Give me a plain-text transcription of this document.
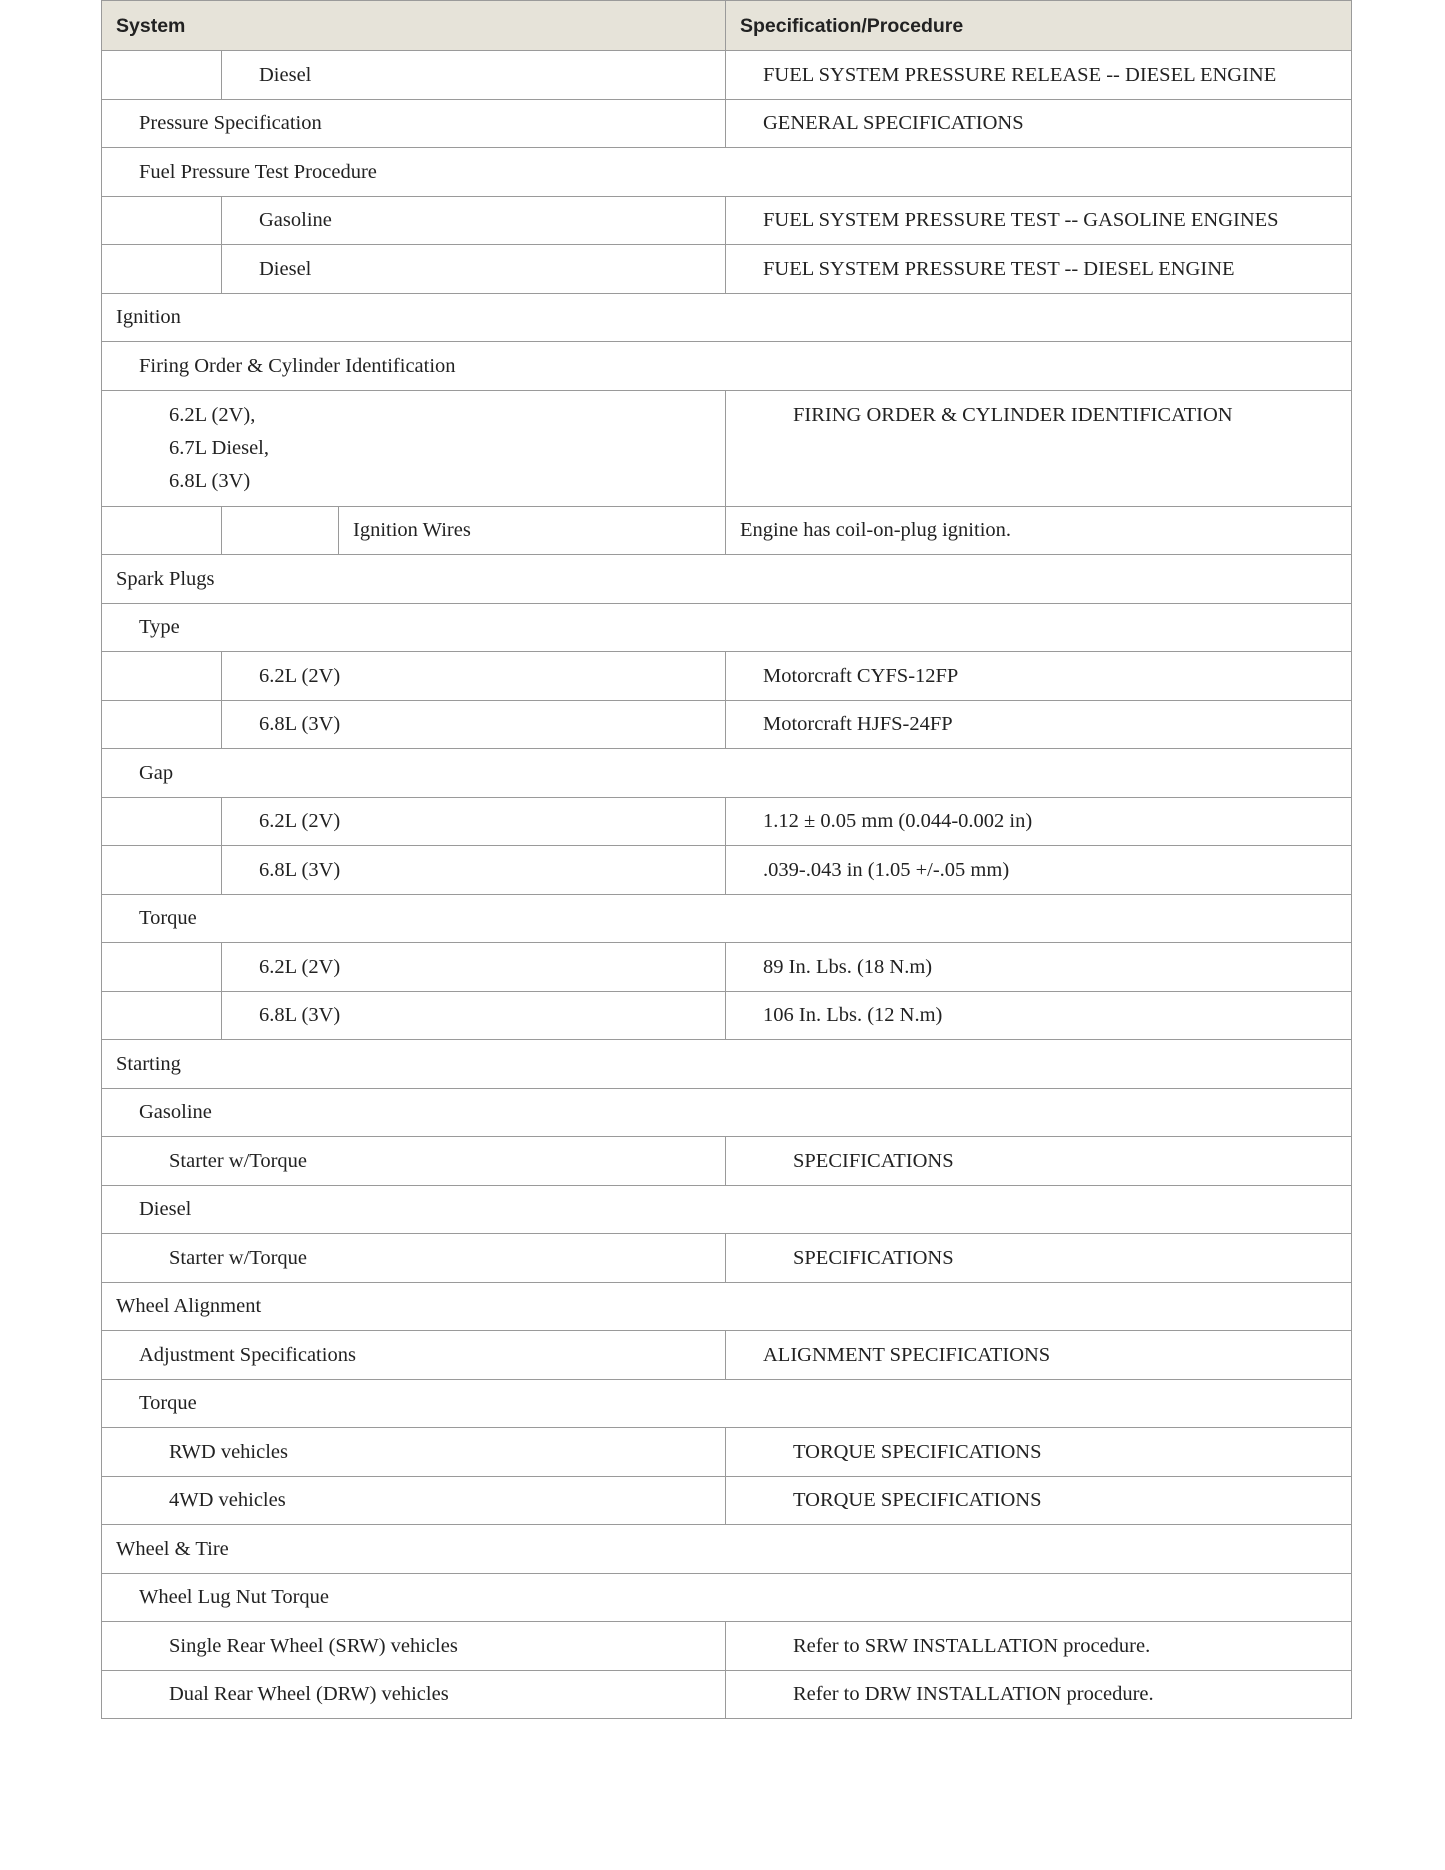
System			Specification/Procedure
	Diesel		FUEL SYSTEM PRESSURE RELEASE -- DIESEL ENGINE
Pressure Specification			GENERAL SPECIFICATIONS
Fuel Pressure Test Procedure			
	Gasoline		FUEL SYSTEM PRESSURE TEST -- GASOLINE ENGINES
	Diesel		FUEL SYSTEM PRESSURE TEST -- DIESEL ENGINE
Ignition			
Firing Order & Cylinder Identification			

6.2L (2V),
6.7L Diesel,
6.8L (3V)			FIRING ORDER & CYLINDER IDENTIFICATION

		Ignition Wires	Engine has coil-on-plug ignition.
Spark Plugs			
Type			
	6.2L (2V)		Motorcraft CYFS-12FP
	6.8L (3V)		Motorcraft HJFS-24FP
Gap			
	6.2L (2V)		1.12 ± 0.05 mm (0.044-0.002 in)
	6.8L (3V)		.039-.043 in (1.05 +/-.05 mm)
Torque			
	6.2L (2V)		89 In. Lbs. (18 N.m)
	6.8L (3V)		106 In. Lbs. (12 N.m)
Starting			
Gasoline			
Starter w/Torque			SPECIFICATIONS
Diesel			
Starter w/Torque			SPECIFICATIONS
Wheel Alignment			
Adjustment Specifications			ALIGNMENT SPECIFICATIONS
Torque			
RWD vehicles			TORQUE SPECIFICATIONS
4WD vehicles			TORQUE SPECIFICATIONS
Wheel & Tire			
Wheel Lug Nut Torque			
Single Rear Wheel (SRW) vehicles			Refer to SRW INSTALLATION procedure.
Dual Rear Wheel (DRW) vehicles			Refer to DRW INSTALLATION procedure.
